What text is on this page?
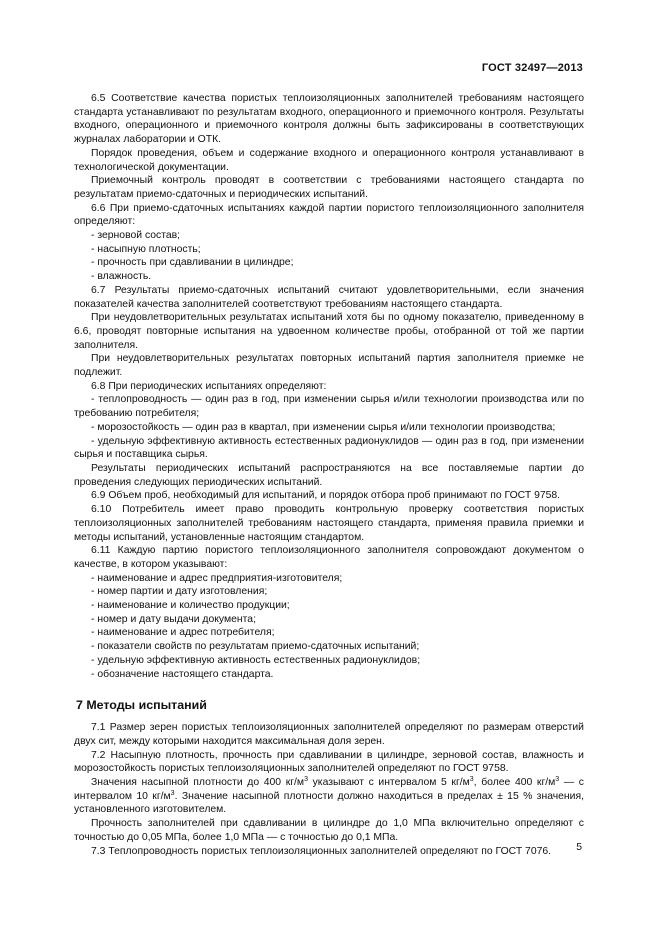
ГОСТ 32497—2013

6.5 Соответствие качества пористых теплоизоляционных заполнителей требованиям настоящего стандарта устанавливают по результатам входного, операционного и приемочного контроля. Результаты входного, операционного и приемочного контроля должны быть зафиксированы в соответствующих журналах лаборатории и ОТК.

Порядок проведения, объем и содержание входного и операционного контроля устанавливают в технологической документации.

Приемочный контроль проводят в соответствии с требованиями настоящего стандарта по результатам приемо-сдаточных и периодических испытаний.

6.6 При приемо-сдаточных испытаниях каждой партии пористого теплоизоляционного заполнителя определяют:

- зерновой состав;

- насыпную плотность;

- прочность при сдавливании в цилиндре;

- влажность.

6.7 Результаты приемо-сдаточных испытаний считают удовлетворительными, если значения показателей качества заполнителей соответствуют требованиям настоящего стандарта.

При неудовлетворительных результатах испытаний хотя бы по одному показателю, приведенному в 6.6, проводят повторные испытания на удвоенном количестве пробы, отобранной от той же партии заполнителя.

При неудовлетворительных результатах повторных испытаний партия заполнителя приемке не подлежит.

6.8 При периодических испытаниях определяют:

- теплопроводность — один раз в год, при изменении сырья и/или технологии производства или по требованию потребителя;

- морозостойкость — один раз в квартал, при изменении сырья и/или технологии производства;

- удельную эффективную активность естественных радионуклидов — один раз в год, при изменении сырья и поставщика сырья.

Результаты периодических испытаний распространяются на все поставляемые партии до проведения следующих периодических испытаний.

6.9 Объем проб, необходимый для испытаний, и порядок отбора проб принимают по ГОСТ 9758.

6.10 Потребитель имеет право проводить контрольную проверку соответствия пористых теплоизоляционных заполнителей требованиям настоящего стандарта, применяя правила приемки и методы испытаний, установленные настоящим стандартом.

6.11 Каждую партию пористого теплоизоляционного заполнителя сопровождают документом о качестве, в котором указывают:

- наименование и адрес предприятия-изготовителя;

- номер партии и дату изготовления;

- наименование и количество продукции;

- номер и дату выдачи документа;

- наименование и адрес потребителя;

- показатели свойств по результатам приемо-сдаточных испытаний;

- удельную эффективную активность естественных радионуклидов;

- обозначение настоящего стандарта.

7 Методы испытаний

7.1 Размер зерен пористых теплоизоляционных заполнителей определяют по размерам отверстий двух сит, между которыми находится максимальная доля зерен.

7.2 Насыпную плотность, прочность при сдавливании в цилиндре, зерновой состав, влажность и морозостойкость пористых теплоизоляционных заполнителей определяют по ГОСТ 9758.

Значения насыпной плотности до 400 $кг/м^3$ указывают с интервалом 5 $кг/м^3$, более 400 $кг/м^3$ — с интервалом 10 $кг/м^3$. Значение насыпной плотности должно находиться в пределах ± 15 % значения, установленного изготовителем.

Прочность заполнителей при сдавливании в цилиндре до 1,0 МПа включительно определяют с точностью до 0,05 МПа, более 1,0 МПа — с точностью до 0,1 МПа.

7.3 Теплопроводность пористых теплоизоляционных заполнителей определяют по ГОСТ 7076.	5
